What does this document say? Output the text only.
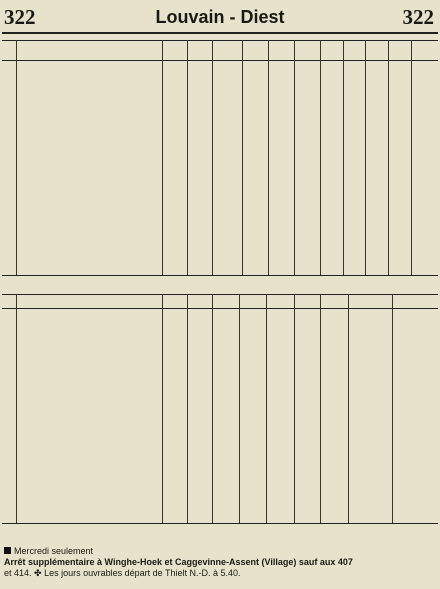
322	Louvain - Diest	322
Mercredi seulement
Arrêt supplémentaire à Winghe-Hoek et Caggevinne-Assent (Village) sauf aux 407
et 414. ✤ Les jours ouvrables départ de Thielt N.-D. à 5.40.
